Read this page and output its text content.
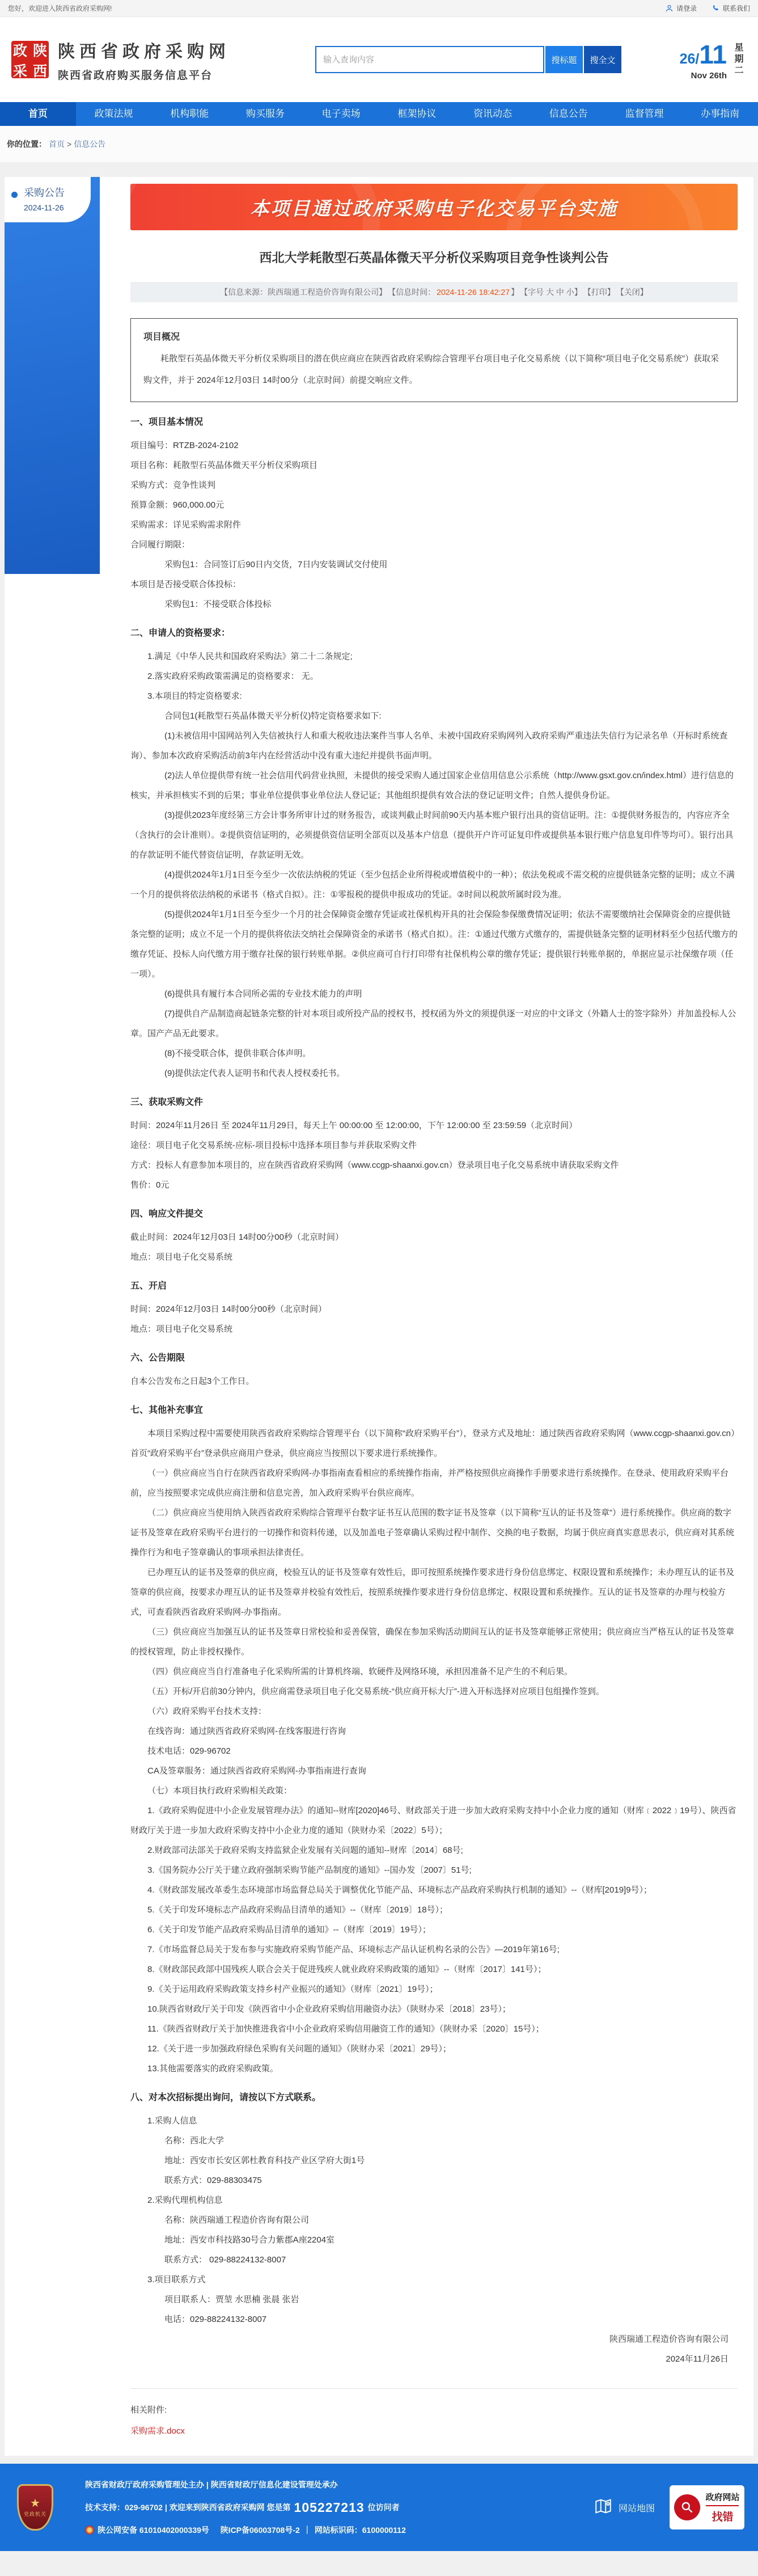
您好，欢迎进入陕西省政府采购网!	请登录	联系我们
政 陕
采 西
陕西省政府采购网
陕西省政府购买服务信息平台
输入查询内容
搜标题	搜全文	26/11
Nov 26th 星期二
首页	政策法规	机构职能	购买服务	电子卖场	框架协议	资讯动态	信息公告	监督管理	办事指南
你的位置： 首页 > 信息公告
采购公告
2024-11-26	本项目通过政府采购电子化交易平台实施
西北大学耗散型石英晶体微天平分析仪采购项目竞争性谈判公告
【信息来源：陕西瑞通工程造价咨询有限公司】 【信息时间： 2024-11-26 18:42:27 】 【字号 大 中 小】 【打印】 【关闭】
项目概况
耗散型石英晶体微天平分析仪采购项目的潜在供应商应在陕西省政府采购综合管理平台项目电子化交易系统（以下简称“项目电子化交易系统”）获取采购文件，并于 2024年12月03日 14时00分（北京时间）前提交响应文件。
一、项目基本情况
项目编号：RTZB-2024-2102
项目名称：耗散型石英晶体微天平分析仪采购项目
采购方式：竞争性谈判
预算金额：960,000.00元
采购需求：详见采购需求附件
合同履行期限：
采购包1：合同签订后90日内交货，7日内安装调试交付使用
本项目是否接受联合体投标：
采购包1：不接受联合体投标
二、申请人的资格要求：
1.满足《中华人民共和国政府采购法》第二十二条规定;
2.落实政府采购政策需满足的资格要求： 无。
3.本项目的特定资格要求:
合同包1(耗散型石英晶体微天平分析仪)特定资格要求如下:
(1)未被信用中国网站列入失信被执行人和重大税收违法案件当事人名单、未被中国政府采购网列入政府采购严重违法失信行为记录名单（开标时系统查询）、参加本次政府采购活动前3年内在经营活动中没有重大违纪并提供书面声明。
(2)法人单位提供带有统一社会信用代码营业执照，未提供的接受采购人通过国家企业信用信息公示系统（http://www.gsxt.gov.cn/index.html）进行信息的核实，并承担核实不到的后果；事业单位提供事业单位法人登记证；其他组织提供有效合法的登记证明文件；自然人提供身份证。
(3)提供2023年度经第三方会计事务所审计过的财务报告，或谈判截止时间前90天内基本账户银行出具的资信证明。注：①提供财务报告的，内容应齐全（含执行的会计准则）。②提供资信证明的，必须提供资信证明全部页以及基本户信息（提供开户许可证复印件或提供基本银行账户信息复印件等均可）。银行出具的存款证明不能代替资信证明，存款证明无效。
(4)提供2024年1月1日至今至少一次依法纳税的凭证（至少包括企业所得税或增值税中的一种）；依法免税或不需交税的应提供链条完整的证明；成立不满一个月的提供将依法纳税的承诺书（格式自拟）。注：①零报税的提供申报成功的凭证。②时间以税款所属时段为准。
(5)提供2024年1月1日至今至少一个月的社会保障资金缴存凭证或社保机构开具的社会保险参保缴费情况证明；依法不需要缴纳社会保障资金的应提供链条完整的证明；成立不足一个月的提供将依法交纳社会保障资金的承诺书（格式自拟）。注：①通过代缴方式缴存的，需提供链条完整的证明材料至少包括代缴方的缴存凭证、投标人向代缴方用于缴存社保的银行转账单据。②供应商可自行打印带有社保机构公章的缴存凭证；提供银行转账单据的，单据应显示社保缴存项（任一项）。
(6)提供具有履行本合同所必需的专业技术能力的声明
(7)提供自产品制造商起链条完整的针对本项目或所投产品的授权书，授权函为外文的须提供逐一对应的中文译文（外籍人士的签字除外）并加盖投标人公章。国产产品无此要求。
(8)不接受联合体，提供非联合体声明。
(9)提供法定代表人证明书和代表人授权委托书。
三、获取采购文件
时间：2024年11月26日 至 2024年11月29日，每天上午 00:00:00 至 12:00:00，下午 12:00:00 至 23:59:59（北京时间）
途径：项目电子化交易系统-应标-项目投标中选择本项目参与并获取采购文件
方式：投标人有意参加本项目的，应在陕西省政府采购网（www.ccgp-shaanxi.gov.cn）登录项目电子化交易系统申请获取采购文件
售价：0元
四、响应文件提交
截止时间：2024年12月03日 14时00分00秒（北京时间）
地点：项目电子化交易系统
五、开启
时间：2024年12月03日 14时00分00秒（北京时间）
地点：项目电子化交易系统
六、公告期限
自本公告发布之日起3个工作日。
七、其他补充事宜
本项目采购过程中需要使用陕西省政府采购综合管理平台（以下简称“政府采购平台”），登录方式及地址：通过陕西省政府采购网（www.ccgp-shaanxi.gov.cn）首页“政府采购平台”登录供应商用户登录，供应商应当按照以下要求进行系统操作。
（一）供应商应当自行在陕西省政府采购网-办事指南查看相应的系统操作指南，并严格按照供应商操作手册要求进行系统操作。在登录、使用政府采购平台前，应当按照要求完成供应商注册和信息完善，加入政府采购平台供应商库。
（二）供应商应当使用纳入陕西省政府采购综合管理平台数字证书互认范围的数字证书及签章（以下简称“互认的证书及签章”）进行系统操作。供应商的数字证书及签章在政府采购平台进行的一切操作和资料传递，以及加盖电子签章确认采购过程中制作、交换的电子数据，均属于供应商真实意思表示，供应商对其系统操作行为和电子签章确认的事项承担法律责任。
已办理互认的证书及签章的供应商，校验互认的证书及签章有效性后，即可按照系统操作要求进行身份信息绑定、权限设置和系统操作；未办理互认的证书及签章的供应商，按要求办理互认的证书及签章并校验有效性后，按照系统操作要求进行身份信息绑定、权限设置和系统操作。互认的证书及签章的办理与校验方式，可查看陕西省政府采购网-办事指南。
（三）供应商应当加强互认的证书及签章日常校验和妥善保管，确保在参加采购活动期间互认的证书及签章能够正常使用；供应商应当严格互认的证书及签章的授权管理，防止非授权操作。
（四）供应商应当自行准备电子化采购所需的计算机终端、软硬件及网络环境，承担因准备不足产生的不利后果。
（五）开标/开启前30分钟内，供应商需登录项目电子化交易系统-“供应商开标大厅”-进入开标选择对应项目包组操作签到。
（六）政府采购平台技术支持：
在线咨询：通过陕西省政府采购网-在线客服进行咨询
技术电话：029-96702
CA及签章服务：通过陕西省政府采购网-办事指南进行查询
（七）本项目执行政府采购相关政策：
1.《政府采购促进中小企业发展管理办法》的通知--财库[2020]46号、财政部关于进一步加大政府采购支持中小企业力度的通知（财库﹝2022﹞19号）、陕西省财政厅关于进一步加大政府采购支持中小企业力度的通知（陕财办采〔2022〕5号）；
2.财政部司法部关于政府采购支持监狱企业发展有关问题的通知--财库〔2014〕68号;
3.《国务院办公厅关于建立政府强制采购节能产品制度的通知》--国办发〔2007〕51号;
4.《财政部发展改革委生态环境部市场监督总局关于调整优化节能产品、环境标志产品政府采购执行机制的通知》--（财库[2019]9号）；
5.《关于印发环境标志产品政府采购品目清单的通知》--（财库〔2019〕18号）；
6.《关于印发节能产品政府采购品目清单的通知》--（财库〔2019〕19号）；
7.《市场监督总局关于发布参与实施政府采购节能产品、环境标志产品认证机构名录的公告》—2019年第16号;
8.《财政部民政部中国残疾人联合会关于促进残疾人就业政府采购政策的通知》--（财库〔2017〕141号）；
9.《关于运用政府采购政策支持乡村产业振兴的通知》（财库〔2021〕19号）；
10.陕西省财政厅关于印发《陕西省中小企业政府采购信用融资办法》（陕财办采〔2018〕23号）；
11.《陕西省财政厅关于加快推进我省中小企业政府采购信用融资工作的通知》（陕财办采〔2020〕15号）；
12.《关于进一步加强政府绿色采购有关问题的通知》（陕财办采〔2021〕29号）；
13.其他需要落实的政府采购政策。
八、对本次招标提出询问，请按以下方式联系。
1.采购人信息
名称：西北大学
地址：西安市长安区郭杜教育科技产业区学府大街1号
联系方式：029-88303475
2.采购代理机构信息
名称：陕西瑞通工程造价咨询有限公司
地址：西安市科技路30号合力紫郡A座2204室
联系方式： 029-88224132-8007
3.项目联系方式
项目联系人：贾堃 水思楠 张晨 张岩
电话：029-88224132-8007
陕西瑞通工程造价咨询有限公司
2024年11月26日
相关附件:
采购需求.docx
★
党政机关
陕西省财政厅政府采购管理处主办 | 陕西省财政厅信息化建设管理处承办
技术支持：029-96702 | 欢迎来到陕西省政府采购网 您是第 105227213 位访问者
陕公网安备 61010402000339号
陕ICP备06003708号-2 ｜ 网站标识码：6100000112
网站地图
政府网站
找错
